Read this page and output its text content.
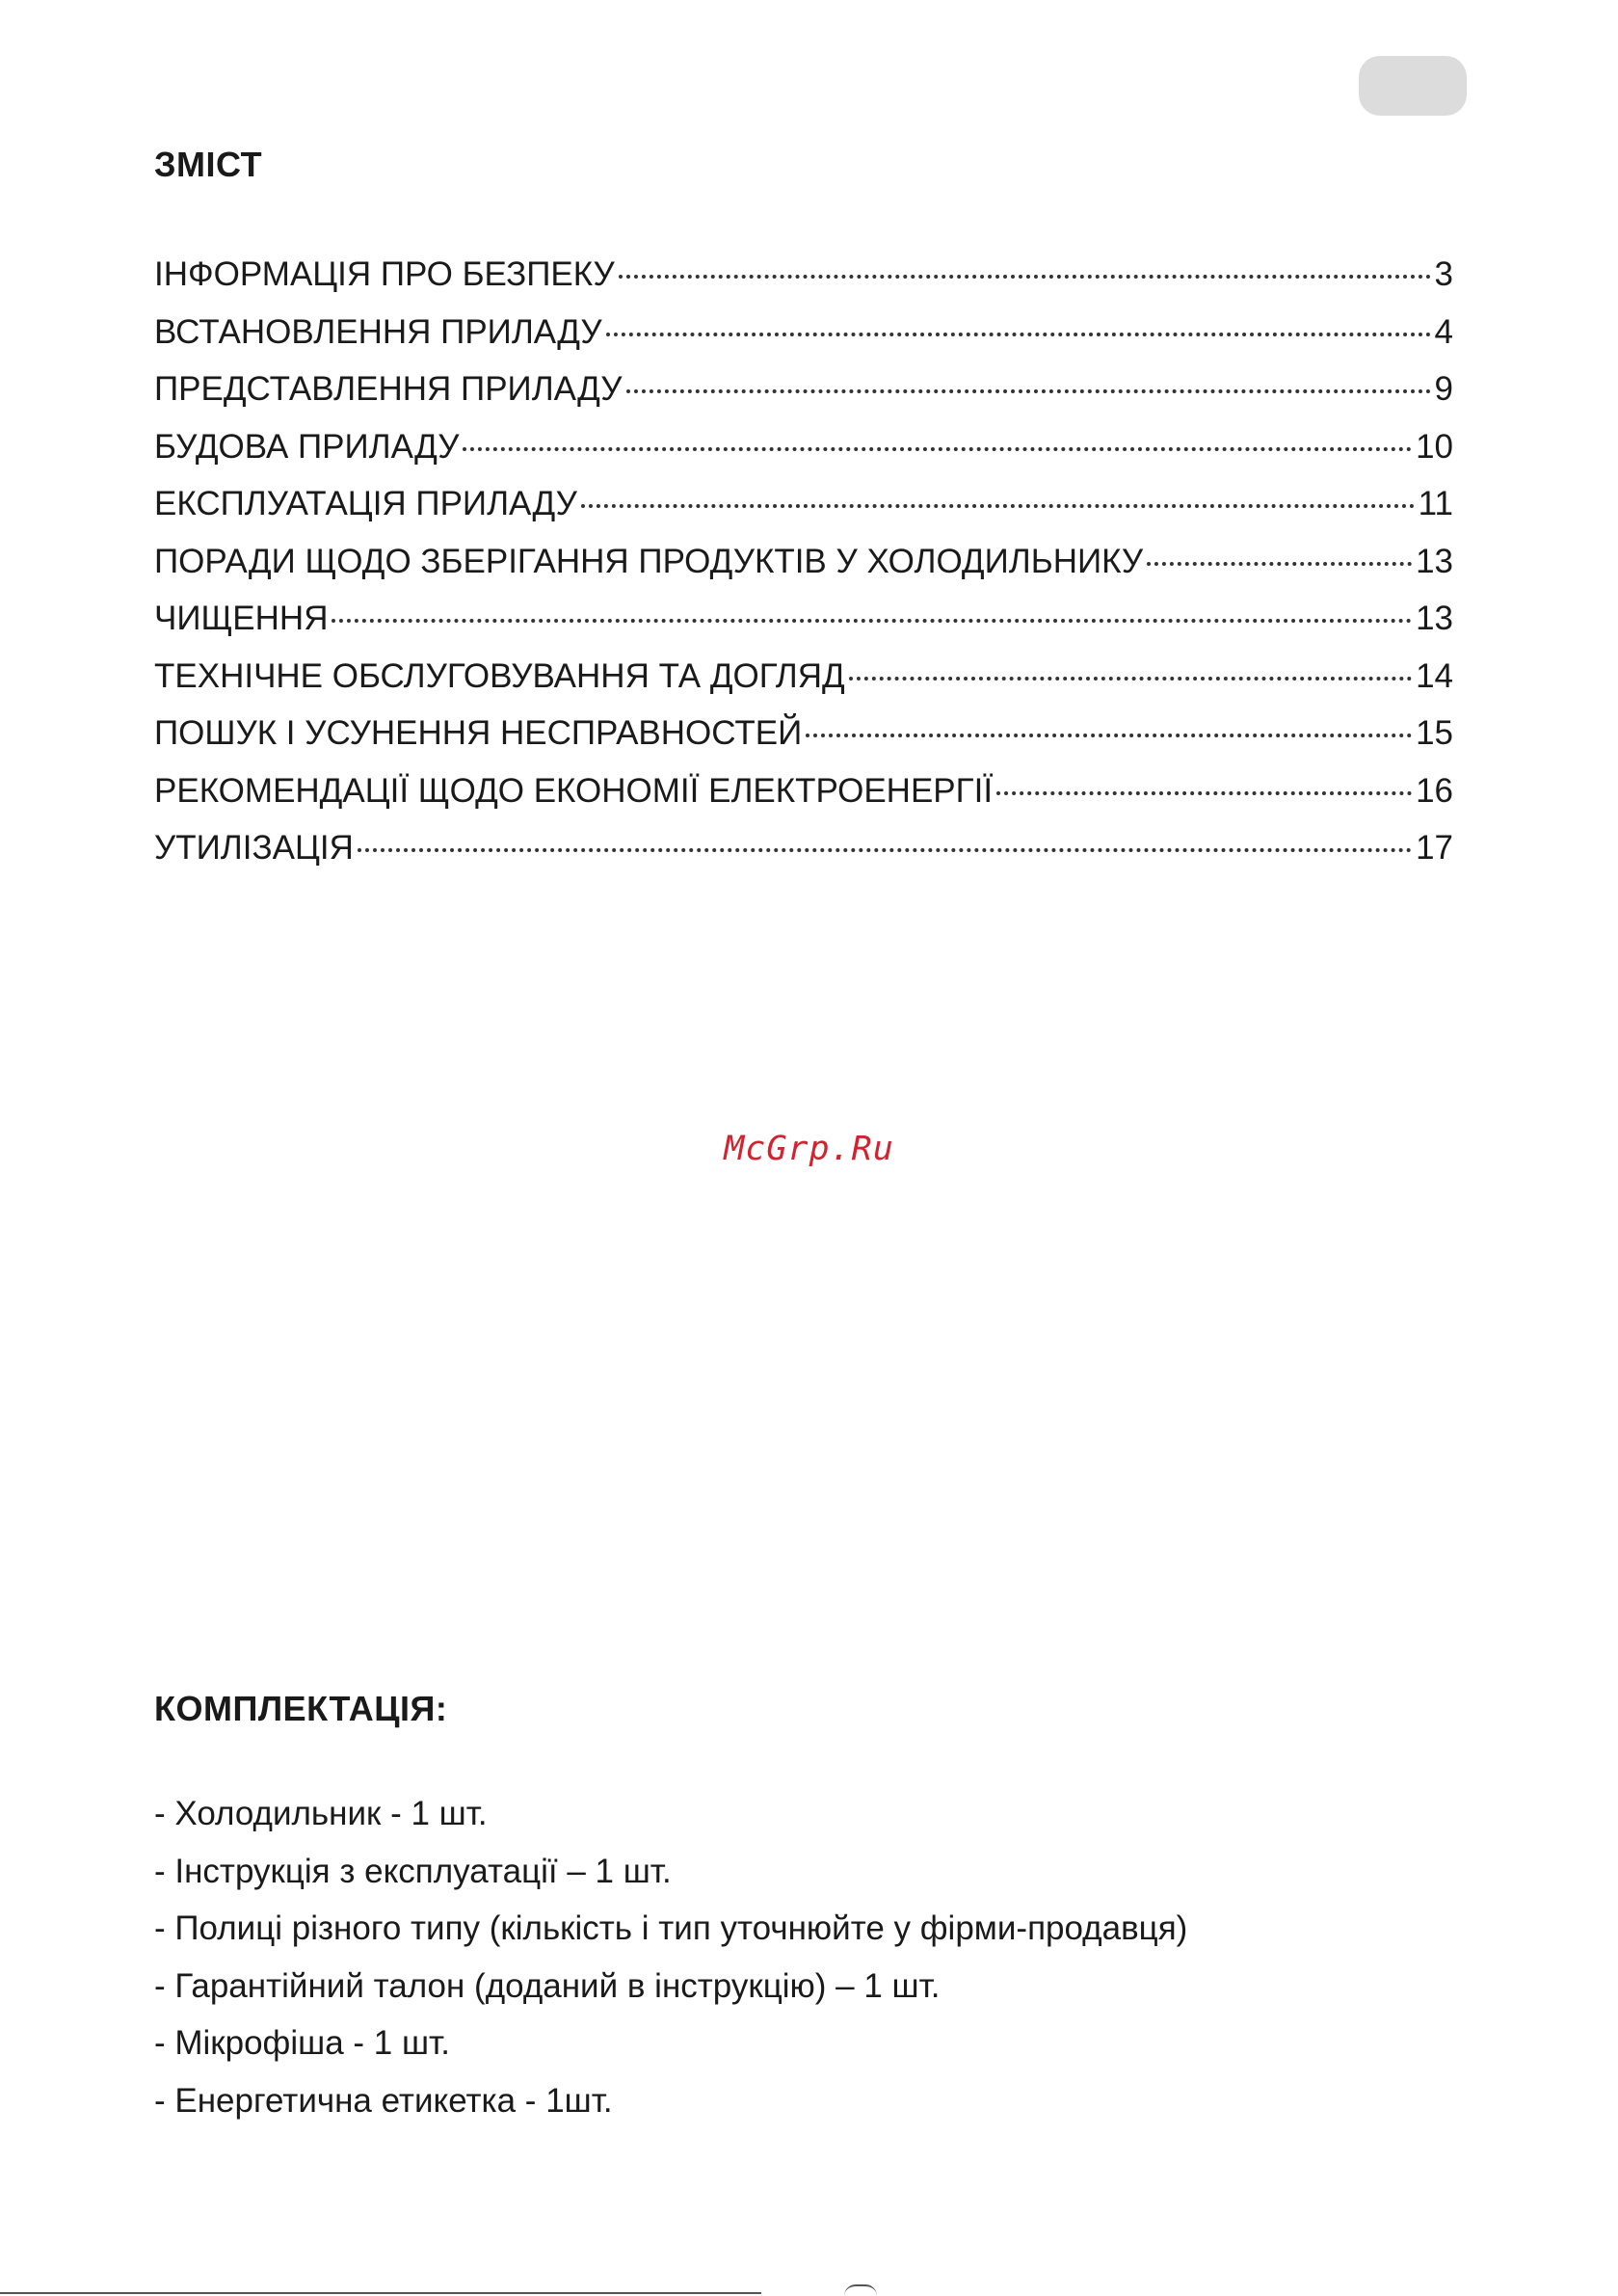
ЗМІСТ
ІНФОРМАЦІЯ ПРО БЕЗПЕКУ	3
ВСТАНОВЛЕННЯ ПРИЛАДУ	4
ПРЕДСТАВЛЕННЯ ПРИЛАДУ	9
БУДОВА ПРИЛАДУ	10
ЕКСПЛУАТАЦІЯ ПРИЛАДУ	11
ПОРАДИ ЩОДО ЗБЕРІГАННЯ ПРОДУКТІВ У ХОЛОДИЛЬНИКУ	13
ЧИЩЕННЯ	13
ТЕХНІЧНЕ ОБСЛУГОВУВАННЯ ТА ДОГЛЯД	14
ПОШУК І УСУНЕННЯ НЕСПРАВНОСТЕЙ	15
РЕКОМЕНДАЦІЇ ЩОДО ЕКОНОМІЇ ЕЛЕКТРОЕНЕРГІЇ	16
УТИЛІЗАЦІЯ	17
McGrp.Ru
КОМПЛЕКТАЦІЯ:
- Холодильник - 1 шт.
- Інструкція з експлуатації – 1 шт.
- Полиці різного типу (кількість і тип уточнюйте у фірми-продавця)
- Гарантійний талон (доданий в інструкцію) – 1 шт.
- Мікрофіша - 1 шт.
- Енергетична етикетка - 1шт.
